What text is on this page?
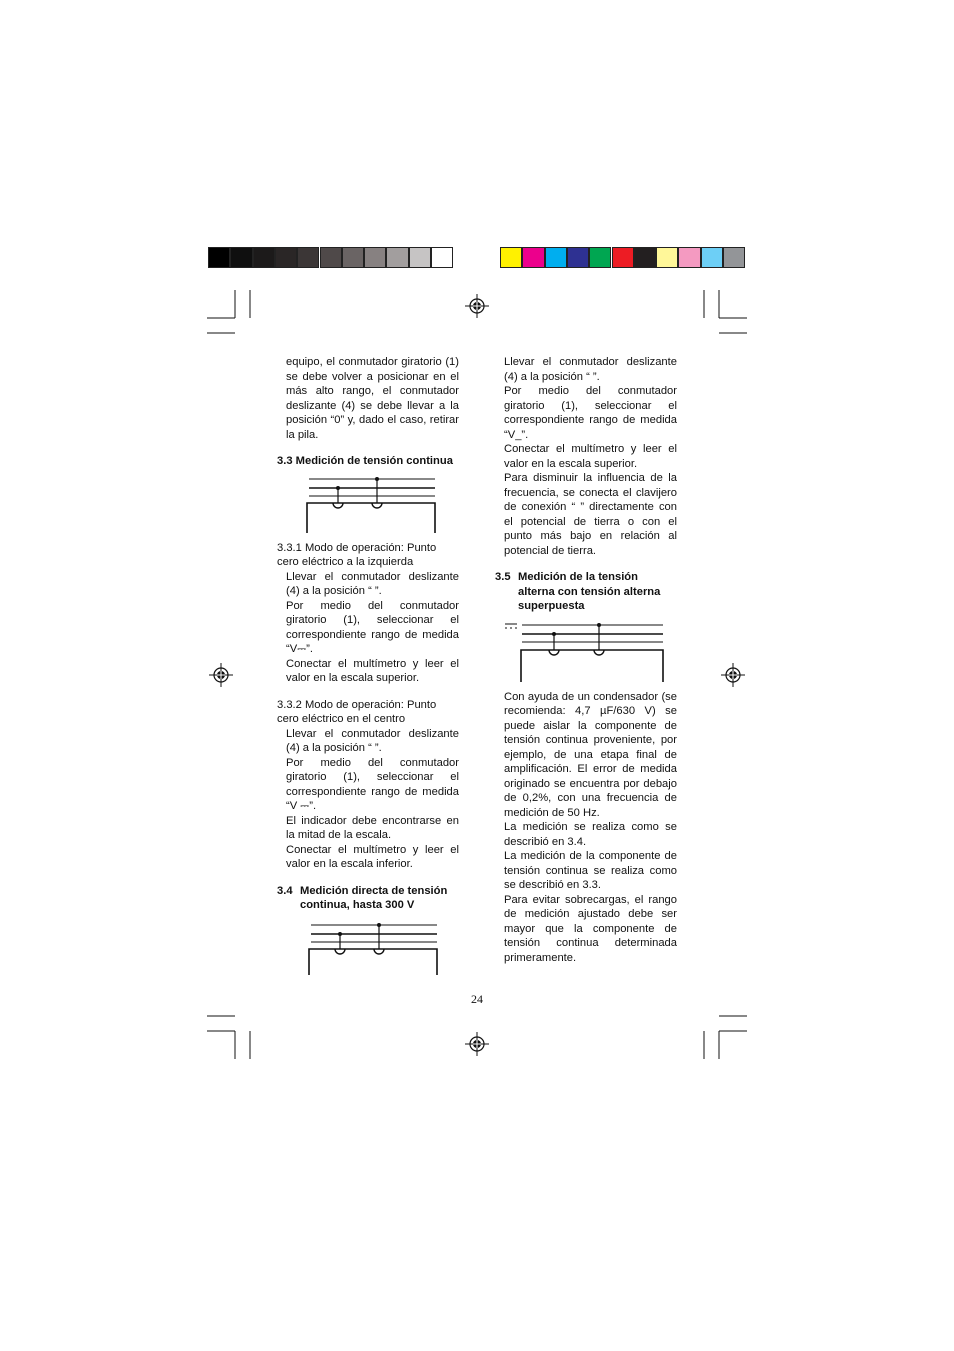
equipo, el conmutador giratorio (1) se debe volver a posicionar en el más alto rango, el conmutador deslizante (4) se debe llevar a la posición “0” y, dado el caso, retirar la pila.

3.3 Medición de tensión continua

3.3.1 Modo de operación: Punto cero eléctrico a la izquierda

Llevar el conmutador deslizante (4) a la posición “ ”.

Por medio del conmutador giratorio (1), seleccionar el correspondiente rango de medida “V⎓”.

Conectar el multímetro y leer el valor en la escala superior.

3.3.2 Modo de operación: Punto cero eléctrico en el centro

Llevar el conmutador deslizante (4) a la posición “ ”.

Por medio del conmutador giratorio (1), seleccionar el correspondiente rango de medida “V ⎓”.

El indicador debe encontrarse en la mitad de la escala.

Conectar el multímetro y leer el valor en la escala inferior.

3.4 Medición directa de tensión continua, hasta 300 V

Llevar el conmutador deslizante (4) a la posición “ ”.

Por medio del conmutador giratorio (1), seleccionar el correspondiente rango de medida “V_”.

Conectar el multímetro y leer el valor en la escala superior.

Para disminuir la influencia de la frecuencia, se conecta el clavijero de conexión “ ” directamente con el potencial de tierra o con el punto más bajo en relación al potencial de tierra.

3.5 Medición de la tensión alterna con tensión alterna superpuesta

Con ayuda de un condensador (se recomienda: 4,7 µF/630 V) se puede aislar la componente de tensión continua proveniente, por ejemplo, de una etapa final de amplificación. El error de medida originado se encuentra por debajo de 0,2%, con una frecuencia de medición de 50 Hz.

La medición se realiza como se describió en 3.4.

La medición de la componente de tensión continua se realiza como se describió en 3.3.

Para evitar sobrecargas, el rango de medición ajustado debe ser mayor que la componente de tensión continua determinada primeramente.

24
